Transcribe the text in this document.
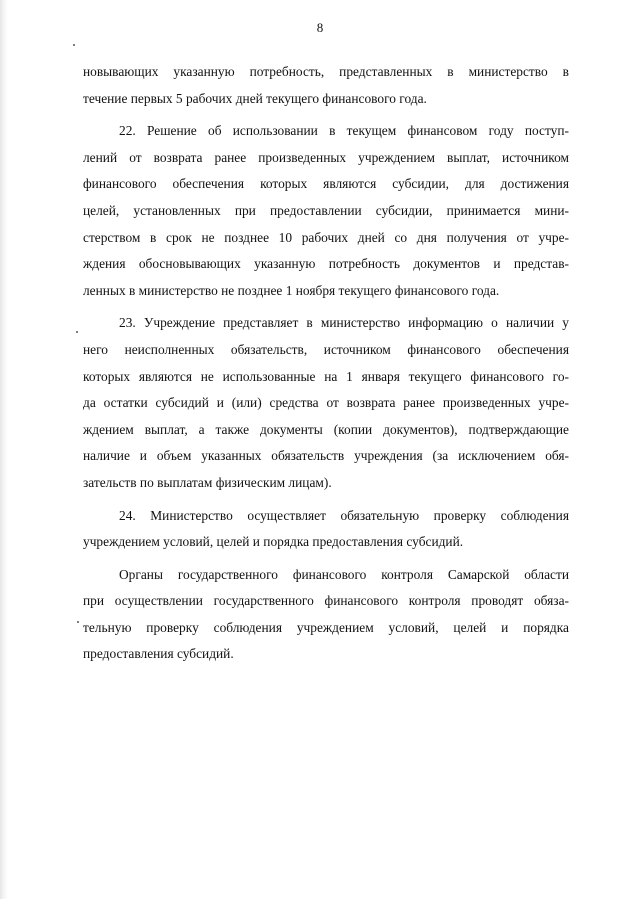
8
новывающих указанную потребность, представленных в министерство в
течение первых 5 рабочих дней текущего финансового года.
22. Решение об использовании в текущем финансовом году поступ-
лений от возврата ранее произведенных учреждением выплат, источником
финансового обеспечения которых являются субсидии, для достижения
целей, установленных при предоставлении субсидии, принимается мини-
стерством в срок не позднее 10 рабочих дней со дня получения от учре-
ждения обосновывающих указанную потребность документов и представ-
ленных в министерство не позднее 1 ноября текущего финансового года.
23. Учреждение представляет в министерство информацию о наличии у
него неисполненных обязательств, источником финансового обеспечения
которых являются не использованные на 1 января текущего финансового го-
да остатки субсидий и (или) средства от возврата ранее произведенных учре-
ждением выплат, а также документы (копии документов), подтверждающие
наличие и объем указанных обязательств учреждения (за исключением обя-
зательств по выплатам физическим лицам).
24. Министерство осуществляет обязательную проверку соблюдения
учреждением условий, целей и порядка предоставления субсидий.
Органы государственного финансового контроля Самарской области
при осуществлении государственного финансового контроля проводят обяза-
тельную проверку соблюдения учреждением условий, целей и порядка
предоставления субсидий.
